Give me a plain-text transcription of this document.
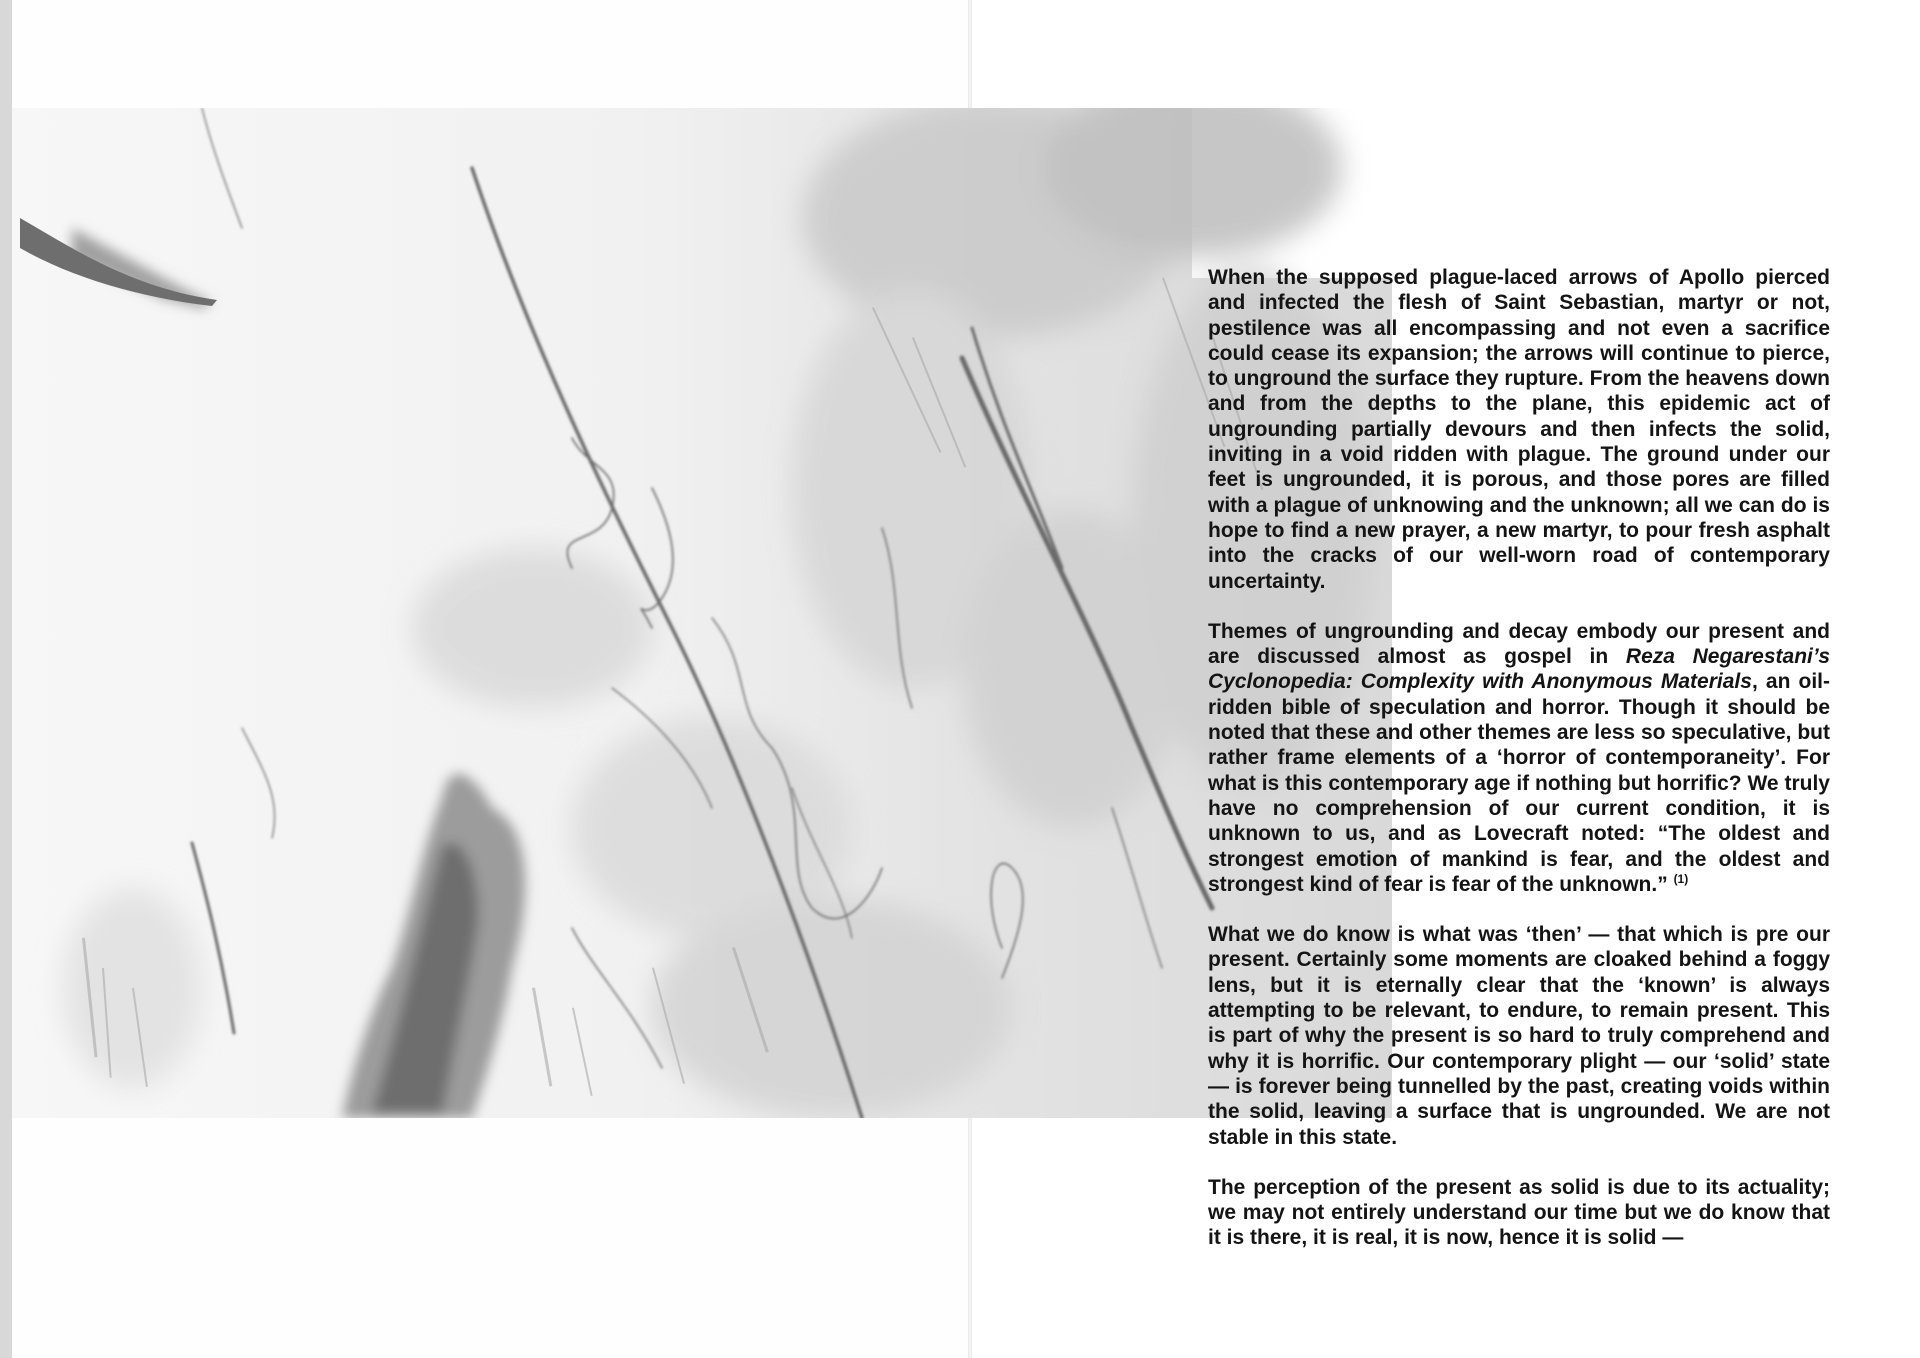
When the supposed plague-laced arrows of Apollo pierced and infected the flesh of Saint Sebastian, martyr or not, pestilence was all encompassing and not even a sacrifice could cease its expansion; the arrows will continue to pierce, to unground the surface they rupture. From the heavens down and from the depths to the plane, this epidemic act of ungrounding partially devours and then infects the solid, inviting in a void ridden with plague. The ground under our feet is ungrounded, it is porous, and those pores are filled with a plague of unknowing and the unknown; all we can do is hope to find a new prayer, a new martyr, to pour fresh asphalt into the cracks of our well-worn road of contemporary uncertainty.

Themes of ungrounding and decay embody our present and are discussed almost as gospel in Reza Negarestani’s Cyclonopedia: Complexity with Anonymous Materials, an oil-ridden bible of speculation and horror. Though it should be noted that these and other themes are less so speculative, but rather frame elements of a ‘horror of contemporaneity’. For what is this contemporary age if nothing but horrific? We truly have no comprehension of our current condition, it is unknown to us, and as Lovecraft noted: “The oldest and strongest emotion of mankind is fear, and the oldest and strongest kind of fear is fear of the unknown.” $^{(1)}$

What we do know is what was ‘then’ — that which is pre our present. Certainly some moments are cloaked behind a foggy lens, but it is eternally clear that the ‘known’ is always attempting to be relevant, to endure, to remain present. This is part of why the present is so hard to truly comprehend and why it is horrific. Our contemporary plight — our ‘solid’ state — is forever being tunnelled by the past, creating voids within the solid, leaving a surface that is ungrounded. We are not stable in this state.

The perception of the present as solid is due to its actuality; we may not entirely understand our time but we do know that it is there, it is real, it is now, hence it is solid —
